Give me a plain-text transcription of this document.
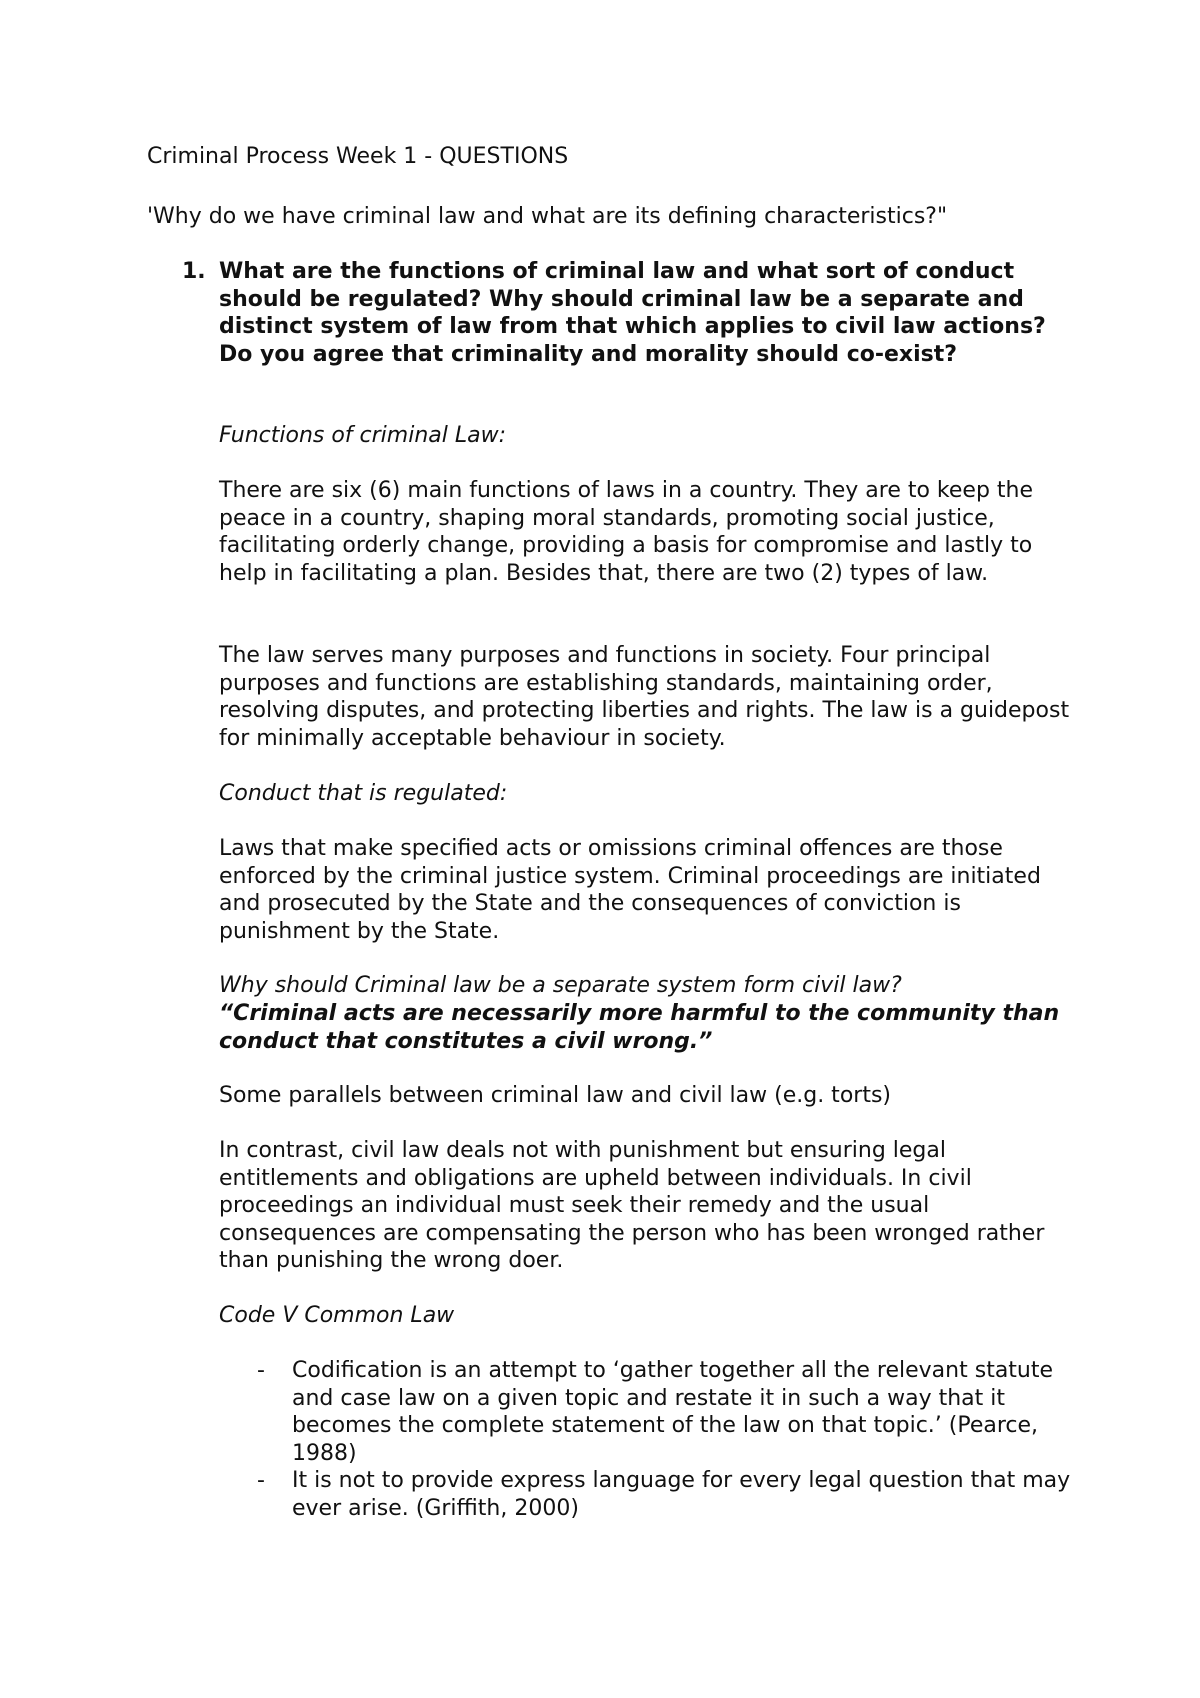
Criminal Process Week 1 - QUESTIONS

'Why do we have criminal law and what are its defining characteristics?"

1. What are the functions of criminal law and what sort of conduct should be regulated? Why should criminal law be a separate and distinct system of law from that which applies to civil law actions? Do you agree that criminality and morality should co-exist?

Functions of criminal Law:

There are six (6) main functions of laws in a country. They are to keep the peace in a country, shaping moral standards, promoting social justice, facilitating orderly change, providing a basis for compromise and lastly to help in facilitating a plan. Besides that, there are two (2) types of law.

The law serves many purposes and functions in society. Four principal purposes and functions are establishing standards, maintaining order, resolving disputes, and protecting liberties and rights. The law is a guidepost for minimally acceptable behaviour in society.

Conduct that is regulated:

Laws that make specified acts or omissions criminal offences are those enforced by the criminal justice system. Criminal proceedings are initiated and prosecuted by the State and the consequences of conviction is punishment by the State.

Why should Criminal law be a separate system form civil law?

“Criminal acts are necessarily more harmful to the community than conduct that constitutes a civil wrong.”

Some parallels between criminal law and civil law (e.g. torts)

In contrast, civil law deals not with punishment but ensuring legal entitlements and obligations are upheld between individuals. In civil proceedings an individual must seek their remedy and the usual consequences are compensating the person who has been wronged rather than punishing the wrong doer.

Code V Common Law

- Codification is an attempt to ‘gather together all the relevant statute and case law on a given topic and restate it in such a way that it becomes the complete statement of the law on that topic.’ (Pearce, 1988)

- It is not to provide express language for every legal question that may ever arise. (Griffith, 2000)
